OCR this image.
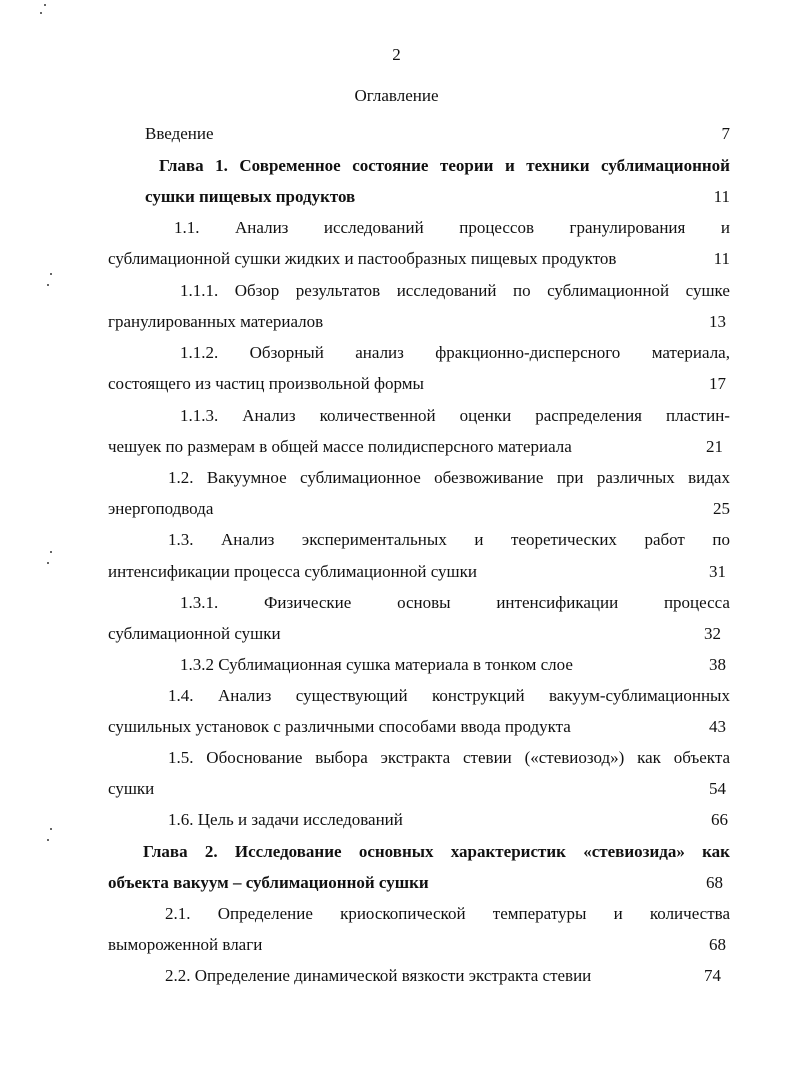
2
Оглавление
Введение	7
Глава 1. Современное состояние теории и техники сублимационной
сушки пищевых продуктов	11
1.1. Анализ исследований процессов гранулирования и
сублимационной сушки жидких и пастообразных пищевых продуктов	11
1.1.1. Обзор результатов исследований по сублимационной сушке
гранулированных материалов	13
1.1.2. Обзорный анализ фракционно-дисперсного материала,
состоящего из частиц произвольной формы	17
1.1.3. Анализ количественной оценки распределения пластин-
чешуек по размерам в общей массе полидисперсного материала	21
1.2. Вакуумное сублимационное обезвоживание при различных видах
энергоподвода	25
1.3. Анализ экспериментальных и теоретических работ по
интенсификации процесса сублимационной сушки	31
1.3.1.	Физические	основы	интенсификации	процесса
сублимационной сушки	32
1.3.2 Сублимационная сушка материала в тонком слое	38
1.4. Анализ существующий конструкций вакуум-сублимационных
сушильных установок с различными способами ввода продукта	43
1.5. Обоснование выбора экстракта стевии («стевиозод») как объекта
сушки	54
1.6. Цель и задачи исследований	66
Глава 2. Исследование основных характеристик «стевиозида» как
объекта вакуум – сублимационной сушки	68
2.1. Определение криоскопической температуры и количества
вымороженной влаги	68
2.2. Определение динамической вязкости экстракта стевии	74
